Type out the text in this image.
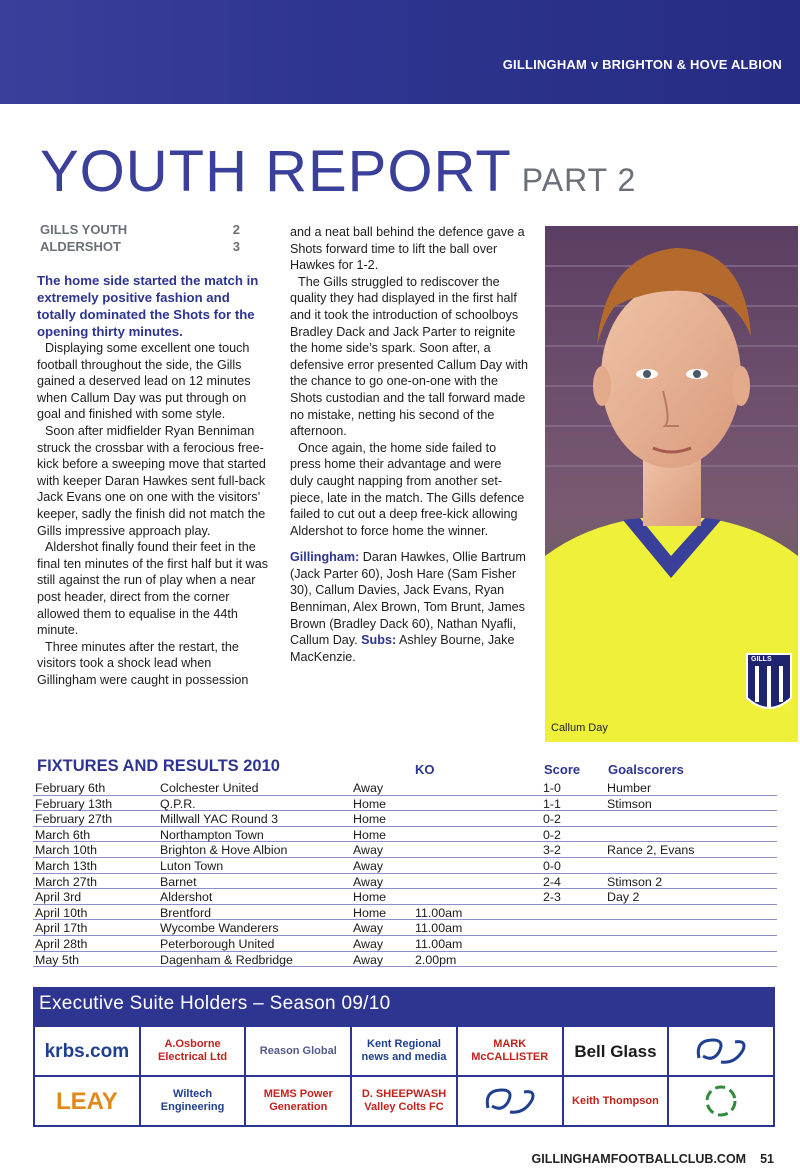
GILLINGHAM v BRIGHTON & HOVE ALBION
YOUTH REPORT PART 2
GILLS YOUTH	2
ALDERSHOT	3

The home side started the match in extremely positive fashion and totally dominated the Shots for the opening thirty minutes.

Displaying some excellent one touch football throughout the side, the Gills gained a deserved lead on 12 minutes when Callum Day was put through on goal and finished with some style.

Soon after midfielder Ryan Benniman struck the crossbar with a ferocious free-kick before a sweeping move that started with keeper Daran Hawkes sent full-back Jack Evans one on one with the visitors’ keeper, sadly the finish did not match the Gills impressive approach play.

Aldershot finally found their feet in the final ten minutes of the first half but it was still against the run of play when a near post header, direct from the corner allowed them to equalise in the 44th minute.

Three minutes after the restart, the visitors took a shock lead when Gillingham were caught in possession

and a neat ball behind the defence gave a Shots forward time to lift the ball over Hawkes for 1-2.

The Gills struggled to rediscover the quality they had displayed in the first half and it took the introduction of schoolboys Bradley Dack and Jack Parter to reignite the home side’s spark. Soon after, a defensive error presented Callum Day with the chance to go one-on-one with the Shots custodian and the tall forward made no mistake, netting his second of the afternoon.

Once again, the home side failed to press home their advantage and were duly caught napping from another set-piece, late in the match. The Gills defence failed to cut out a deep free-kick allowing Aldershot to force home the winner.

Gillingham: Daran Hawkes, Ollie Bartrum (Jack Parter 60), Josh Hare (Sam Fisher 30), Callum Davies, Jack Evans, Ryan Benniman, Alex Brown, Tom Brunt, James Brown (Bradley Dack 60), Nathan Nyafli, Callum Day. Subs: Ashley Bourne, Jake MacKenzie.	GILLS
Callum Day
FIXTURES AND RESULTS 2010	KO	Score Goalscorers
February 6th	Colchester United	Away	1-0	Humber
February 13th	Q.P.R.	Home	1-1	Stimson
February 27th	Millwall YAC Round 3	Home	0-2
March 6th	Northampton Town	Home	0-2
March 10th	Brighton & Hove Albion	Away	3-2	Rance 2, Evans
March 13th	Luton Town	Away	0-0
March 27th	Barnet	Away	2-4	Stimson 2
April 3rd	Aldershot	Home	2-3	Day 2
April 10th	Brentford	Home 11.00am
April 17th	Wycombe Wanderers	Away	11.00am
April 28th	Peterborough United	Away	11.00am
May 5th	Dagenham & Redbridge	Away	2.00pm
Executive Suite Holders – Season 09/10
krbs.com	A.Osborne Electrical Ltd
Reason Global
Kent Regional news and media
MARK McCALLISTER	Bell Glass
LEAY	Wiltech Engineering
MEMS Power Generation
D. SHEEPWASH Valley Colts FC
Keith Thompson
GILLINGHAMFOOTBALLCLUB.COM 51
